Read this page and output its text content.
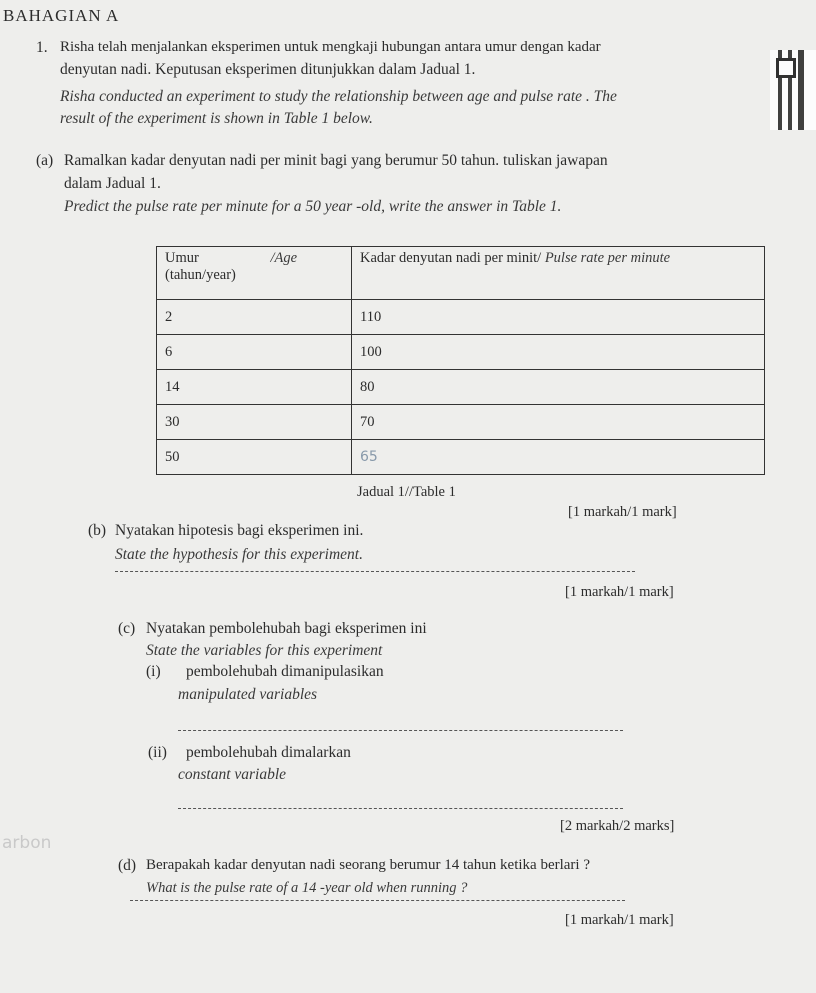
BAHAGIAN A
1. Risha telah menjalankan eksperimen untuk mengkaji hubungan antara umur dengan kadar
denyutan nadi. Keputusan eksperimen ditunjukkan dalam Jadual 1.
Risha conducted an experiment to study the relationship between age and pulse rate . The
result of the experiment is shown in Table 1 below.
(a) Ramalkan kadar denyutan nadi per minit bagi yang berumur 50 tahun. tuliskan jawapan
dalam Jadual 1.
Predict the pulse rate per minute for a 50 year -old, write the answer in Table 1.
Umur /Age
(tahun/year)	Kadar denyutan nadi per minit/ Pulse rate per minute
2	110
6	100
14	80
30	70
50	65
Jadual 1//Table 1
[1 markah/1 mark]
(b) Nyatakan hipotesis bagi eksperimen ini.
State the hypothesis for this experiment.
[1 markah/1 mark]
(c) Nyatakan pembolehubah bagi eksperimen ini
State the variables for this experiment
(i) pembolehubah dimanipulasikan
manipulated variables
(ii) pembolehubah dimalarkan
constant variable
[2 markah/2 marks]
arbon
(d) Berapakah kadar denyutan nadi seorang berumur 14 tahun ketika berlari ?
What is the pulse rate of a 14 -year old when running ?
[1 markah/1 mark]
